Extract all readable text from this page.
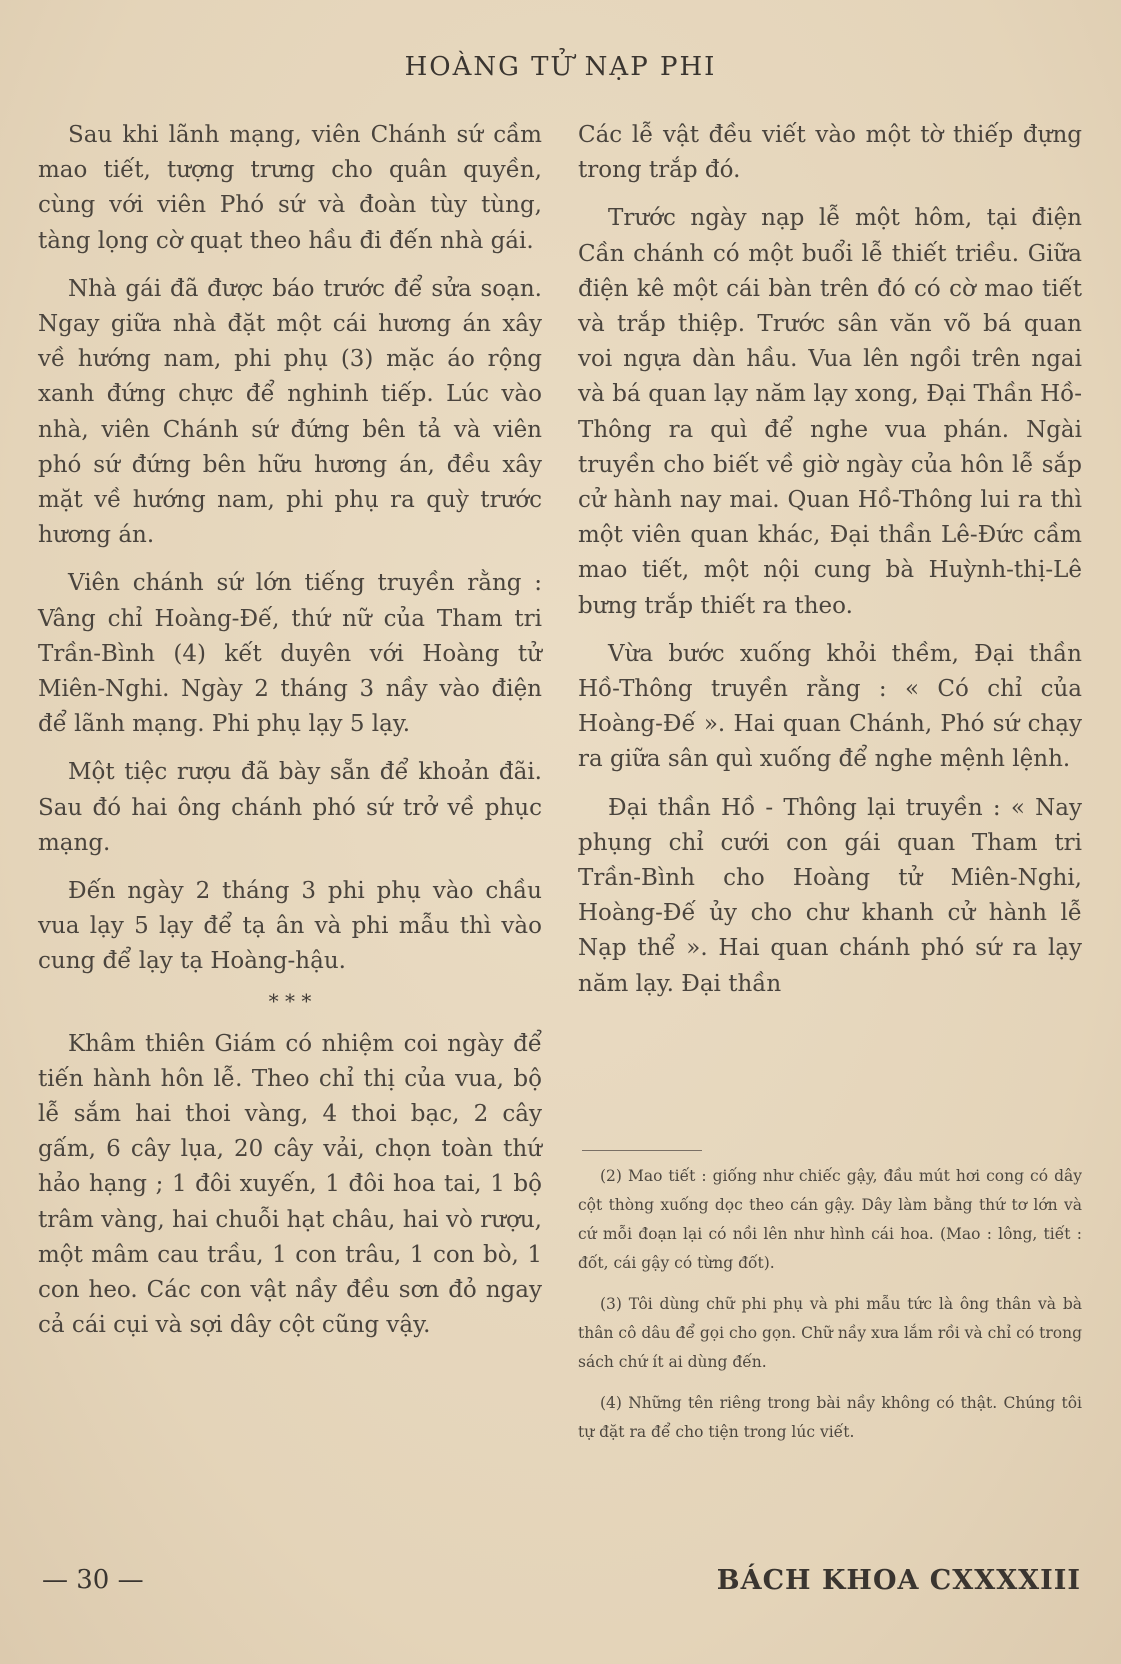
HOÀNG TỬ NẠP PHI

Sau khi lãnh mạng, viên Chánh sứ cầm mao tiết, tượng trưng cho quân quyền, cùng với viên Phó sứ và đoàn tùy tùng, tàng lọng cờ quạt theo hầu đi đến nhà gái.

Nhà gái đã được báo trước để sửa soạn. Ngay giữa nhà đặt một cái hương án xây về hướng nam, phi phụ (3) mặc áo rộng xanh đứng chực để nghinh tiếp. Lúc vào nhà, viên Chánh sứ đứng bên tả và viên phó sứ đứng bên hữu hương án, đều xây mặt về hướng nam, phi phụ ra quỳ trước hương án.

Viên chánh sứ lớn tiếng truyền rằng : Vâng chỉ Hoàng-Đế, thứ nữ của Tham tri Trần-Bình (4) kết duyên với Hoàng tử Miên-Nghi. Ngày 2 tháng 3 nầy vào điện để lãnh mạng. Phi phụ lạy 5 lạy.

Một tiệc rượu đã bày sẵn để khoản đãi. Sau đó hai ông chánh phó sứ trở về phục mạng.

Đến ngày 2 tháng 3 phi phụ vào chầu vua lạy 5 lạy để tạ ân và phi mẫu thì vào cung để lạy tạ Hoàng-hậu.

* * *

Khâm thiên Giám có nhiệm coi ngày để tiến hành hôn lễ. Theo chỉ thị của vua, bộ lễ sắm hai thoi vàng, 4 thoi bạc, 2 cây gấm, 6 cây lụa, 20 cây vải, chọn toàn thứ hảo hạng ; 1 đôi xuyến, 1 đôi hoa tai, 1 bộ trâm vàng, hai chuỗi hạt châu, hai vò rượu, một mâm cau trầu, 1 con trâu, 1 con bò, 1 con heo. Các con vật nầy đều sơn đỏ ngay cả cái cụi và sợi dây cột cũng vậy.

Các lễ vật đều viết vào một tờ thiếp đựng trong trắp đó.

Trước ngày nạp lễ một hôm, tại điện Cần chánh có một buổi lễ thiết triều. Giữa điện kê một cái bàn trên đó có cờ mao tiết và trắp thiệp. Trước sân văn võ bá quan voi ngựa dàn hầu. Vua lên ngồi trên ngai và bá quan lạy năm lạy xong, Đại Thần Hồ-Thông ra quì để nghe vua phán. Ngài truyền cho biết về giờ ngày của hôn lễ sắp cử hành nay mai. Quan Hồ-Thông lui ra thì một viên quan khác, Đại thần Lê-Đức cầm mao tiết, một nội cung bà Huỳnh-thị-Lê bưng trắp thiết ra theo.

Vừa bước xuống khỏi thềm, Đại thần Hồ-Thông truyền rằng : « Có chỉ của Hoàng-Đế ». Hai quan Chánh, Phó sứ chạy ra giữa sân quì xuống để nghe mệnh lệnh.

Đại thần Hồ - Thông lại truyền : « Nay phụng chỉ cưới con gái quan Tham tri Trần-Bình cho Hoàng tử Miên-Nghi, Hoàng-Đế ủy cho chư khanh cử hành lễ Nạp thể ». Hai quan chánh phó sứ ra lạy năm lạy. Đại thần

(2) Mao tiết : giống như chiếc gậy, đầu mút hơi cong có dây cột thòng xuống dọc theo cán gậy. Dây làm bằng thứ tơ lớn và cứ mỗi đoạn lại có nồi lên như hình cái hoa. (Mao : lông, tiết : đốt, cái gậy có từng đốt).

(3) Tôi dùng chữ phi phụ và phi mẫu tức là ông thân và bà thân cô dâu để gọi cho gọn. Chữ nầy xưa lắm rồi và chỉ có trong sách chứ ít ai dùng đến.

(4) Những tên riêng trong bài nầy không có thật. Chúng tôi tự đặt ra để cho tiện trong lúc viết.

— 30 —	BÁCH KHOA CXXXXIII
